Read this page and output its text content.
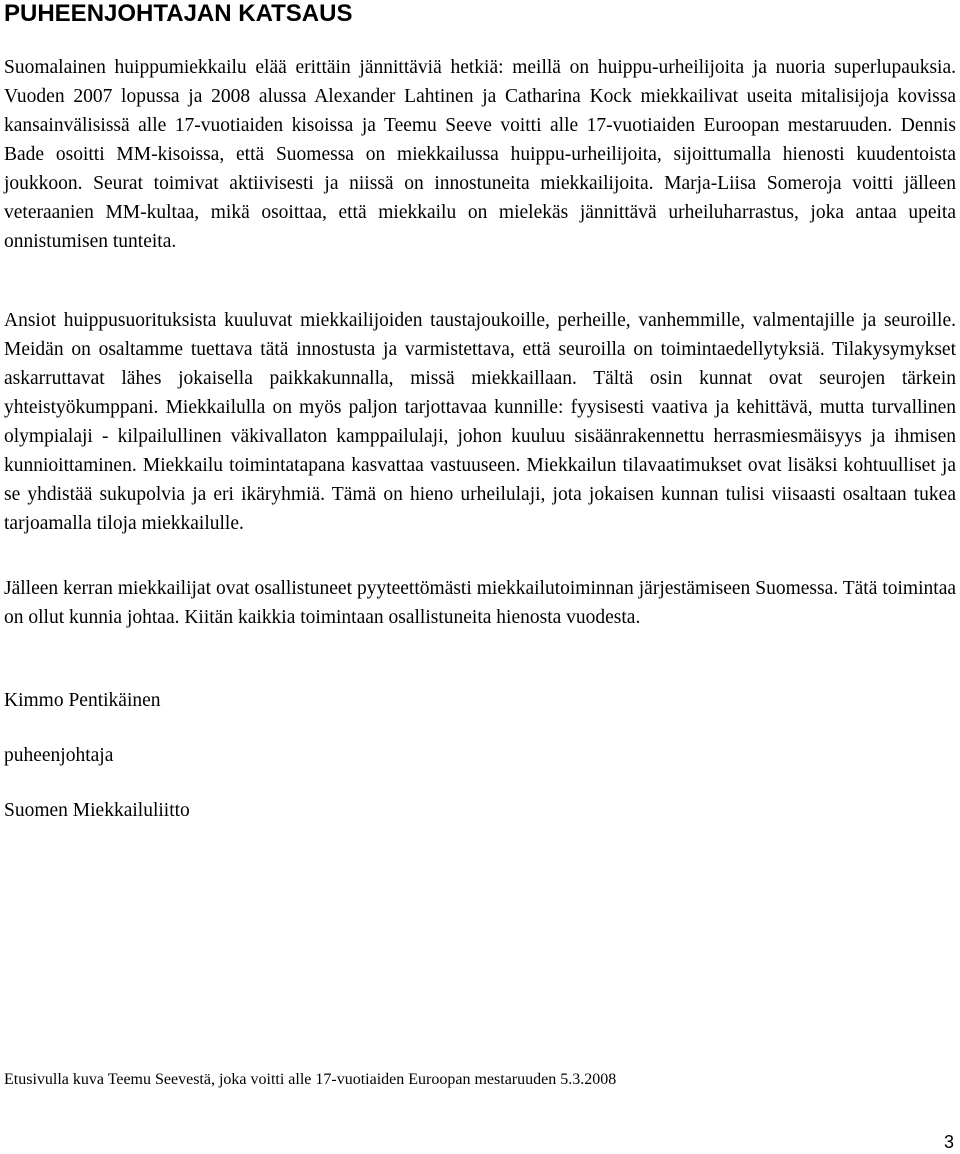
PUHEENJOHTAJAN KATSAUS

Suomalainen huippumiekkailu elää erittäin jännittäviä hetkiä: meillä on huippu-urheilijoita ja nuoria superlupauksia. Vuoden 2007 lopussa ja 2008 alussa Alexander Lahtinen ja Catharina Kock miekkailivat useita mitalisijoja kovissa kansainvälisissä alle 17-vuotiaiden kisoissa ja Teemu Seeve voitti alle 17-vuotiaiden Euroopan mestaruuden. Dennis Bade osoitti MM-kisoissa, että Suomessa on miekkailussa huippu-urheilijoita, sijoittumalla hienosti kuudentoista joukkoon. Seurat toimivat aktiivisesti ja niissä on innostuneita miekkailijoita. Marja-Liisa Someroja voitti jälleen veteraanien MM-kultaa, mikä osoittaa, että miekkailu on mielekäs jännittävä urheiluharrastus, joka antaa upeita onnistumisen tunteita.

Ansiot huippusuorituksista kuuluvat miekkailijoiden taustajoukoille, perheille, vanhemmille, valmentajille ja seuroille. Meidän on osaltamme tuettava tätä innostusta ja varmistettava, että seuroilla on toimintaedellytyksiä. Tilakysymykset askarruttavat lähes jokaisella paikkakunnalla, missä miekkaillaan. Tältä osin kunnat ovat seurojen tärkein yhteistyökumppani. Miekkailulla on myös paljon tarjottavaa kunnille: fyysisesti vaativa ja kehittävä, mutta turvallinen olympialaji - kilpailullinen väkivallaton kamppailulaji, johon kuuluu sisäänrakennettu herrasmiesmäisyys ja ihmisen kunnioittaminen. Miekkailu toimintatapana kasvattaa vastuuseen. Miekkailun tilavaatimukset ovat lisäksi kohtuulliset ja se yhdistää sukupolvia ja eri ikäryhmiä. Tämä on hieno urheilulaji, jota jokaisen kunnan tulisi viisaasti osaltaan tukea tarjoamalla tiloja miekkailulle.

Jälleen kerran miekkailijat ovat osallistuneet pyyteettömästi miekkailutoiminnan järjestämiseen Suomessa. Tätä toimintaa on ollut kunnia johtaa. Kiitän kaikkia toimintaan osallistuneita hienosta vuodesta.

Kimmo Pentikäinen

puheenjohtaja

Suomen Miekkailuliitto

Etusivulla kuva Teemu Seevestä, joka voitti alle 17-vuotiaiden Euroopan mestaruuden 5.3.2008

3
